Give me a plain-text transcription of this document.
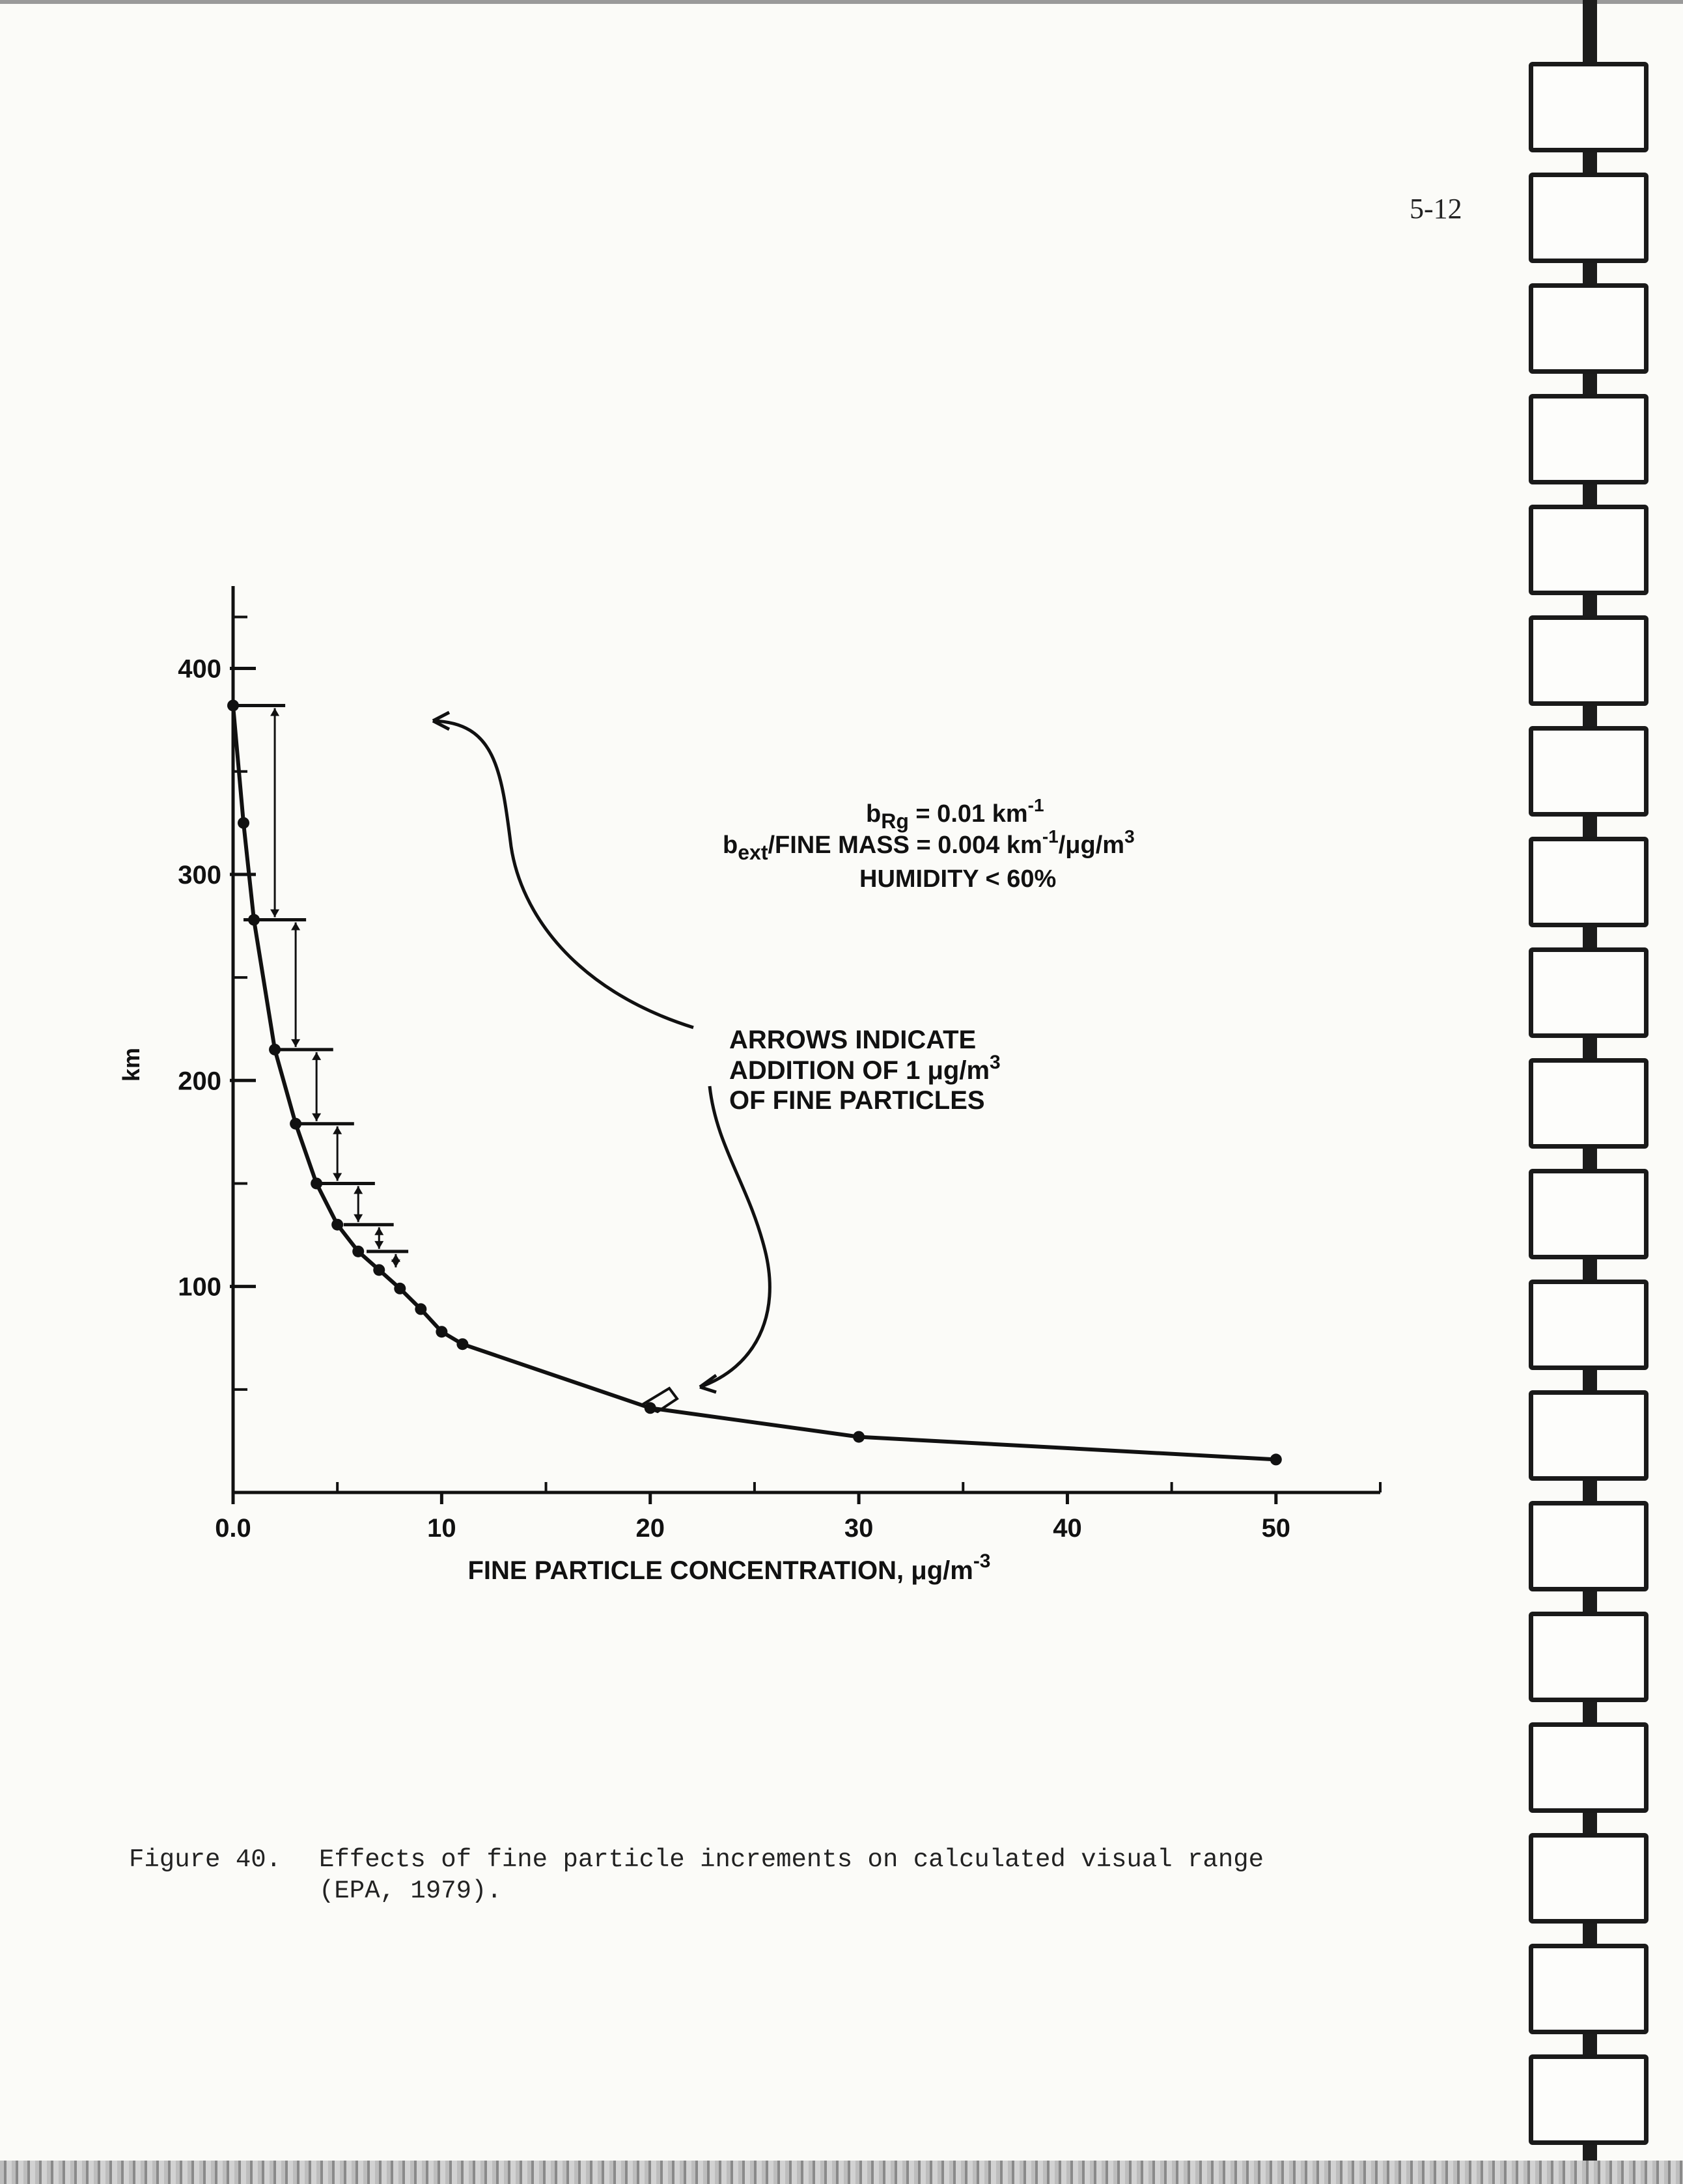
5-12
0.0	10	20	30	40	50
100
200
300
400
km
FINE PARTICLE CONCENTRATION, $\mu g/m^{-3}$
$b_{Rg} = 0.01$ $km^{-1}$
$b_{ext}$/FINE MASS = 0.004 $km^{-1}/\mu g/m^3$
HUMIDITY < 60%
ARROWS INDICATE
ADDITION OF 1 $\mu g/m^3$
OF FINE PARTICLES
Figure 40. Effects of fine particle increments on calculated visual range
(EPA, 1979).
